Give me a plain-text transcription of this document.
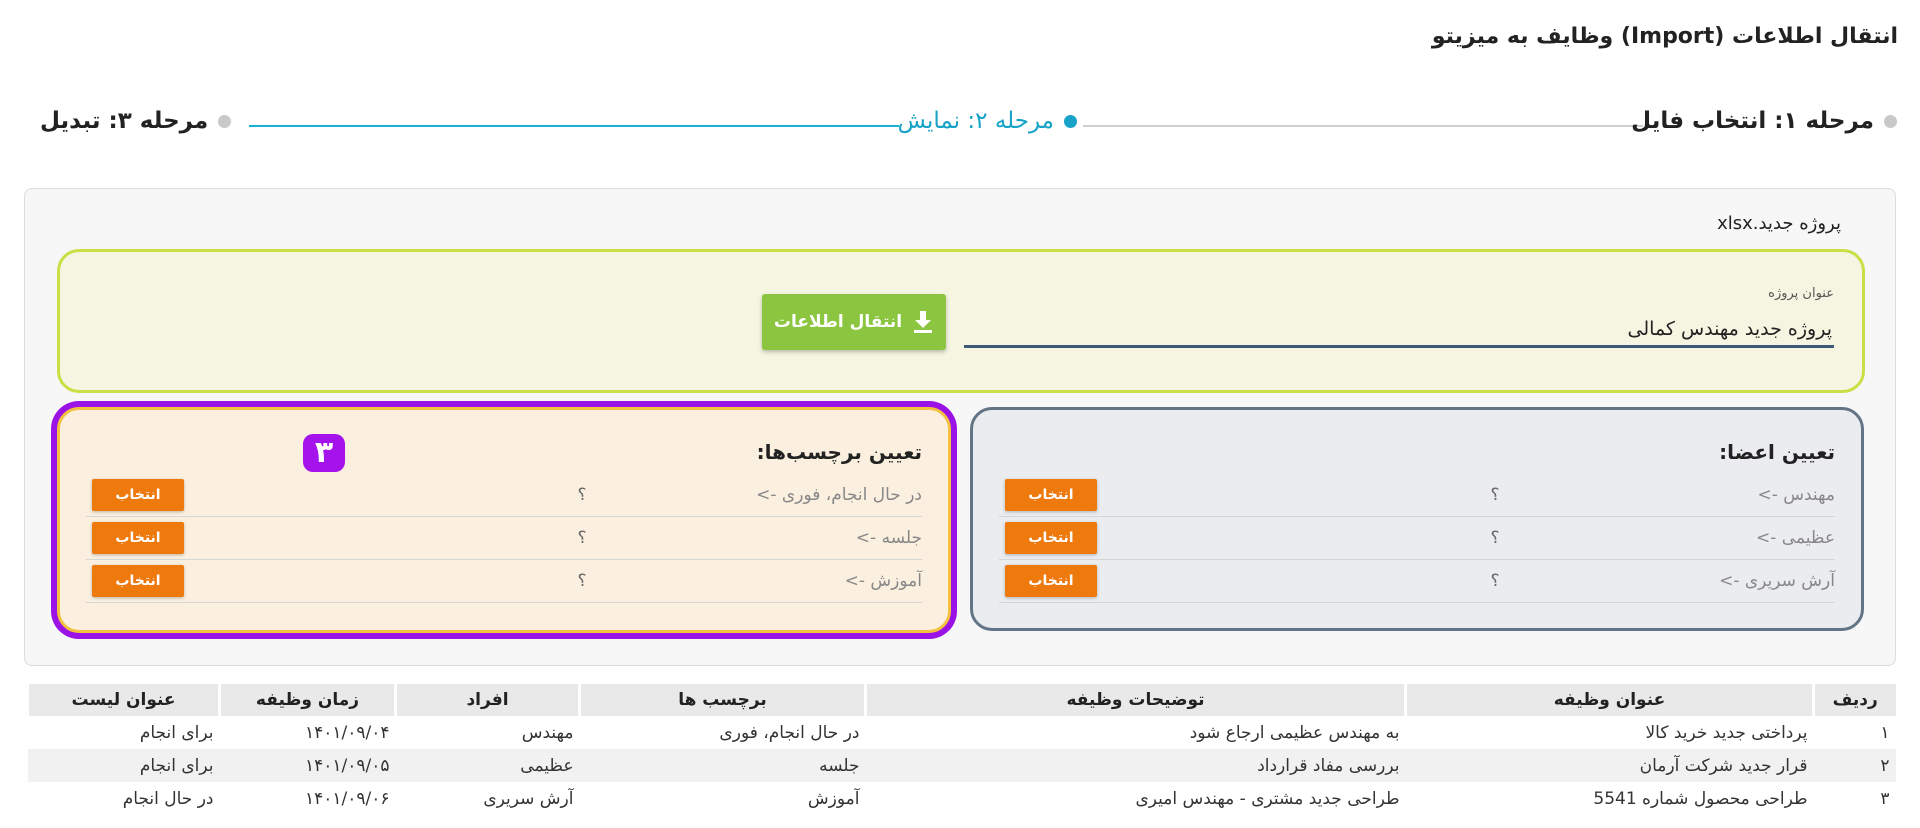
انتقال اطلاعات (Import) وظایف به میزیتو
مرحله ۱: انتخاب فایل
مرحله ۲: نمایش
مرحله ۳: تبدیل
پروژه جدید.xlsx
عنوان پروژه
پروژه جدید مهندس کمالی
انتقال اطلاعات
تعیین اعضا:
مهندس ->
؟
انتخاب
عظیمی ->
؟
انتخاب
آرش سریری ->
؟
انتخاب
تعیین برچسب‌ها:
۳
در حال انجام، فوری ->
؟
انتخاب
جلسه ->
؟
انتخاب
آموزش ->
؟
انتخاب
ردیف	عنوان وظیفه	توضیحات وظیفه	برچسب ها	افراد	زمان وظیفه	عنوان لیست
۱	پرداختی جدید خرید کالا	به مهندس عظیمی ارجاع شود	در حال انجام، فوری	مهندس	۱۴۰۱/۰۹/۰۴	برای انجام
۲	قرار جدید شرکت آرمان	بررسی مفاد قرارداد	جلسه	عظیمی	۱۴۰۱/۰۹/۰۵	برای انجام
۳	طراحی محصول شماره 5541	طراحی جدید مشتری - مهندس امیری	آموزش	آرش سریری	۱۴۰۱/۰۹/۰۶	در حال انجام
